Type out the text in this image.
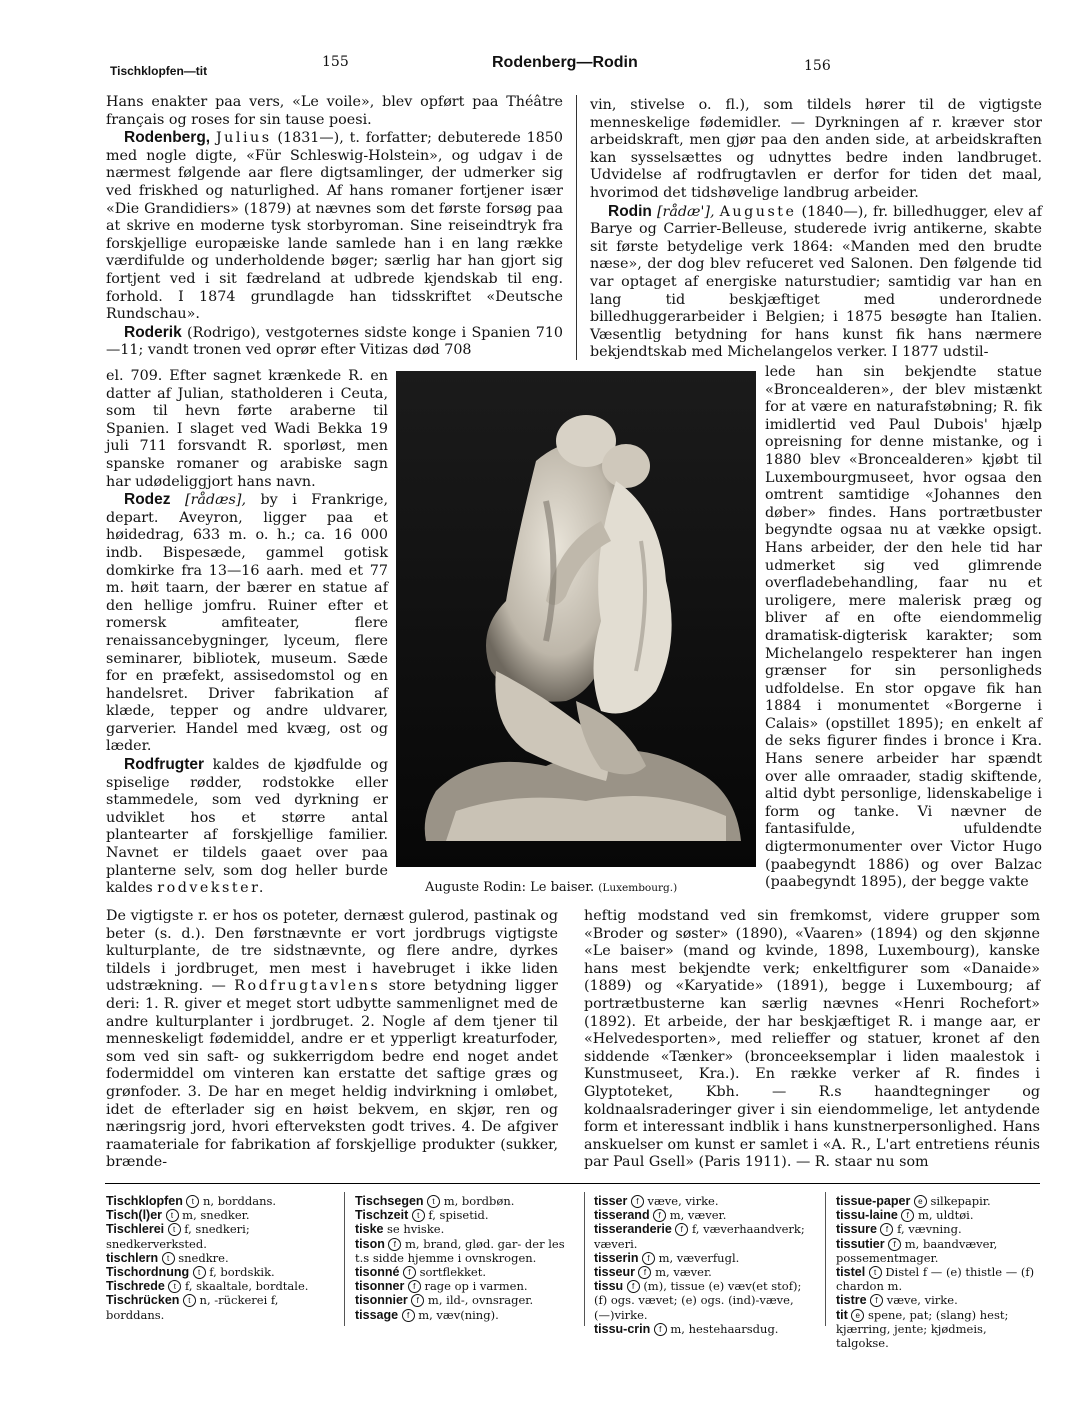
Tischklopfen—tit
155	Rodenberg—Rodin	156

Hans enakter paa vers, «Le voile», blev opført paa Théâtre français og roses for sin tause poesi.

Rodenberg, Julius (1831—), t. forfatter; debuterede 1850 med nogle digte, «Für Schleswig-Holstein», og udgav i de nærmest følgende aar flere digtsamlinger, der udmerker sig ved friskhed og naturlighed. Af hans romaner fortjener især «Die Grandidiers» (1879) at nævnes som det første forsøg paa at skrive en moderne tysk storbyroman. Sine reiseindtryk fra forskjellige europæiske lande samlede han i en lang række værdifulde og underholdende bøger; særlig har han gjort sig fortjent ved i sit fædreland at udbrede kjendskab til eng. forhold. I 1874 grundlagde han tidsskriftet «Deutsche Rundschau».

Roderik (Rodrigo), vestgoternes sidste konge i Spanien 710—11; vandt tronen ved oprør efter Vitizas død 708

el. 709. Efter sagnet krænkede R. en datter af Julian, statholderen i Ceuta, som til hevn førte araberne til Spanien. I slaget ved Wadi Bekka 19 juli 711 forsvandt R. sporløst, men spanske romaner og arabiske sagn har udødeliggjort hans navn.

Rodez [rådæs], by i Frankrige, depart. Aveyron, ligger paa et høidedrag, 633 m. o. h.; ca. 16 000 indb. Bispesæde, gammel gotisk domkirke fra 13—16 aarh. med et 77 m. høit taarn, der bærer en statue af den hellige jomfru. Ruiner efter et romersk amfiteater, flere renaissancebygninger, lyceum, flere seminarer, bibliotek, museum. Sæde for en præfekt, assisedomstol og en handelsret. Driver fabrikation af klæde, tepper og andre uldvarer, garverier. Handel med kvæg, ost og læder.

Rodfrugter kaldes de kjødfulde og spiselige rødder, rodstokke eller stammedele, som ved dyrkning er udviklet hos et større antal plantearter af forskjellige familier. Navnet er tildels gaaet over paa planterne selv, som dog heller burde kaldes rodvekster.	Auguste Rodin: Le baiser. (Luxembourg.)

vin, stivelse o. fl.), som tildels hører til de vigtigste menneskelige fødemidler. — Dyrkningen af r. kræver stor arbeidskraft, men gjør paa den anden side, at arbeidskraften kan sysselsættes og udnyttes bedre inden landbruget. Udvidelse af rodfrugtavlen er derfor for tiden det maal, hvorimod det tidshøvelige landbrug arbeider.

Rodin [rådæ'], Auguste (1840—), fr. billedhugger, elev af Barye og Carrier-Belleuse, studerede ivrig antikerne, skabte sit første betydelige verk 1864: «Manden med den brudte næse», der dog blev refuceret ved Salonen. Den følgende tid var optaget af energiske naturstudier; samtidig var han en lang tid beskjæftiget med underordnede billedhuggerarbeider i Belgien; i 1875 besøgte han Italien. Væsentlig betydning for hans kunst fik hans nærmere bekjendtskab med Michelangelos verker. I 1877 udstil-

lede han sin bekjendte statue «Broncealderen», der blev mistænkt for at være en naturafstøbning; R. fik imidlertid ved Paul Dubois' hjælp opreisning for denne mistanke, og i 1880 blev «Broncealderen» kjøbt til Luxembourgmuseet, hvor ogsaa den omtrent samtidige «Johannes den døber» findes. Hans portrætbuster begyndte ogsaa nu at vække opsigt. Hans arbeider, der den hele tid har udmerket sig ved glimrende overfladebehandling, faar nu et uroligere, mere malerisk præg og bliver af en ofte eiendommelig dramatisk-digterisk karakter; som Michelangelo respekterer han ingen grænser for sin personligheds udfoldelse. En stor opgave fik han 1884 i monumentet «Borgerne i Calais» (opstillet 1895); en enkelt af de seks figurer findes i bronce i Kra. Hans senere arbeider har spændt over alle omraader, stadig skiftende, altid dybt personlige, lidenskabelige i form og tanke. Vi nævner de fantasifulde, ufuldendte digtermonumenter over Victor Hugo (paabegyndt 1886) og over Balzac (paabegyndt 1895), der begge vakte

De vigtigste r. er hos os poteter, dernæst gulerod, pastinak og beter (s. d.). Den førstnævnte er vort jordbrugs vigtigste kulturplante, de tre sidstnævnte, og flere andre, dyrkes tildels i jordbruget, men mest i havebruget i ikke liden udstrækning. — Rodfrugtavlens store betydning ligger deri: 1. R. giver et meget stort udbytte sammenlignet med de andre kulturplanter i jordbruget. 2. Nogle af dem tjener til menneskeligt fødemiddel, andre er et ypperligt kreaturfoder, som ved sin saft- og sukkerrigdom bedre end noget andet fodermiddel om vinteren kan erstatte det saftige græs og grønfoder. 3. De har en meget heldig indvirkning i omløbet, idet de efterlader sig en høist bekvem, en skjør, ren og næringsrig jord, hvori efterveksten godt trives. 4. De afgiver raamateriale for fabrikation af forskjellige produkter (sukker, brænde-

heftig modstand ved sin fremkomst, videre grupper som «Broder og søster» (1890), «Vaaren» (1894) og den skjønne «Le baiser» (mand og kvinde, 1898, Luxembourg), kanske hans mest bekjendte verk; enkeltfigurer som «Danaide» (1889) og «Karyatide» (1891), begge i Luxembourg; af portrætbusterne kan særlig nævnes «Henri Rochefort» (1892). Et arbeide, der har beskjæftiget R. i mange aar, er «Helvedesporten», med relieffer og statuer, kronet af den siddende «Tænker» (bronceeksemplar i liden maalestok i Kunstmuseet, Kra.). En række verker af R. findes i Glyptoteket, Kbh. — R.s haandtegninger og koldnaalsraderinger giver i sin eiendommelige, let antydende form et interessant indblik i hans kunstnerpersonlighed. Hans anskuelser om kunst er samlet i «A. R., L'art entretiens réunis par Paul Gsell» (Paris 1911). — R. staar nu som

Tischklopfen t n, borddans.
Tisch(l)er t m, snedker.
Tischlerei t f, snedkeri; snedkerverksted.
tischlern t snedkre.
Tischordnung t f, bordskik.
Tischrede t f, skaaltale, bordtale.
Tischrücken t n, -rückerei f, borddans.
Tischsegen t m, bordbøn.
Tischzeit t f, spisetid.
tiske se hviske.
tison f m, brand, glød. gar- der les t.s sidde hjemme i ovnskrogen.
tisonné f sortflekket.
tisonner f rage op i varmen.
tisonnier f m, ild-, ovnsrager.
tissage f m, væv(ning).
tisser f væve, virke.
tisserand f m, væver.
tisseranderie f f, væverhaandverk; væveri.
tisserin f m, væverfugl.
tisseur f m, væver.
tissu f (m), tissue (e) væv(et stof); (f) ogs. vævet; (e) ogs. (ind)-væve, (—)virke.
tissu-crin f m, hestehaarsdug.
tissue-paper e silkepapir.
tissu-laine f m, uldtøi.
tissure f f, vævning.
tissutier f m, baandvæver, possementmager.
tistel t Distel f — (e) thistle — (f) chardon m.
tistre f væve, virke.
tit e spene, pat; (slang) hest; kjærring, jente; kjødmeis, talgokse.
